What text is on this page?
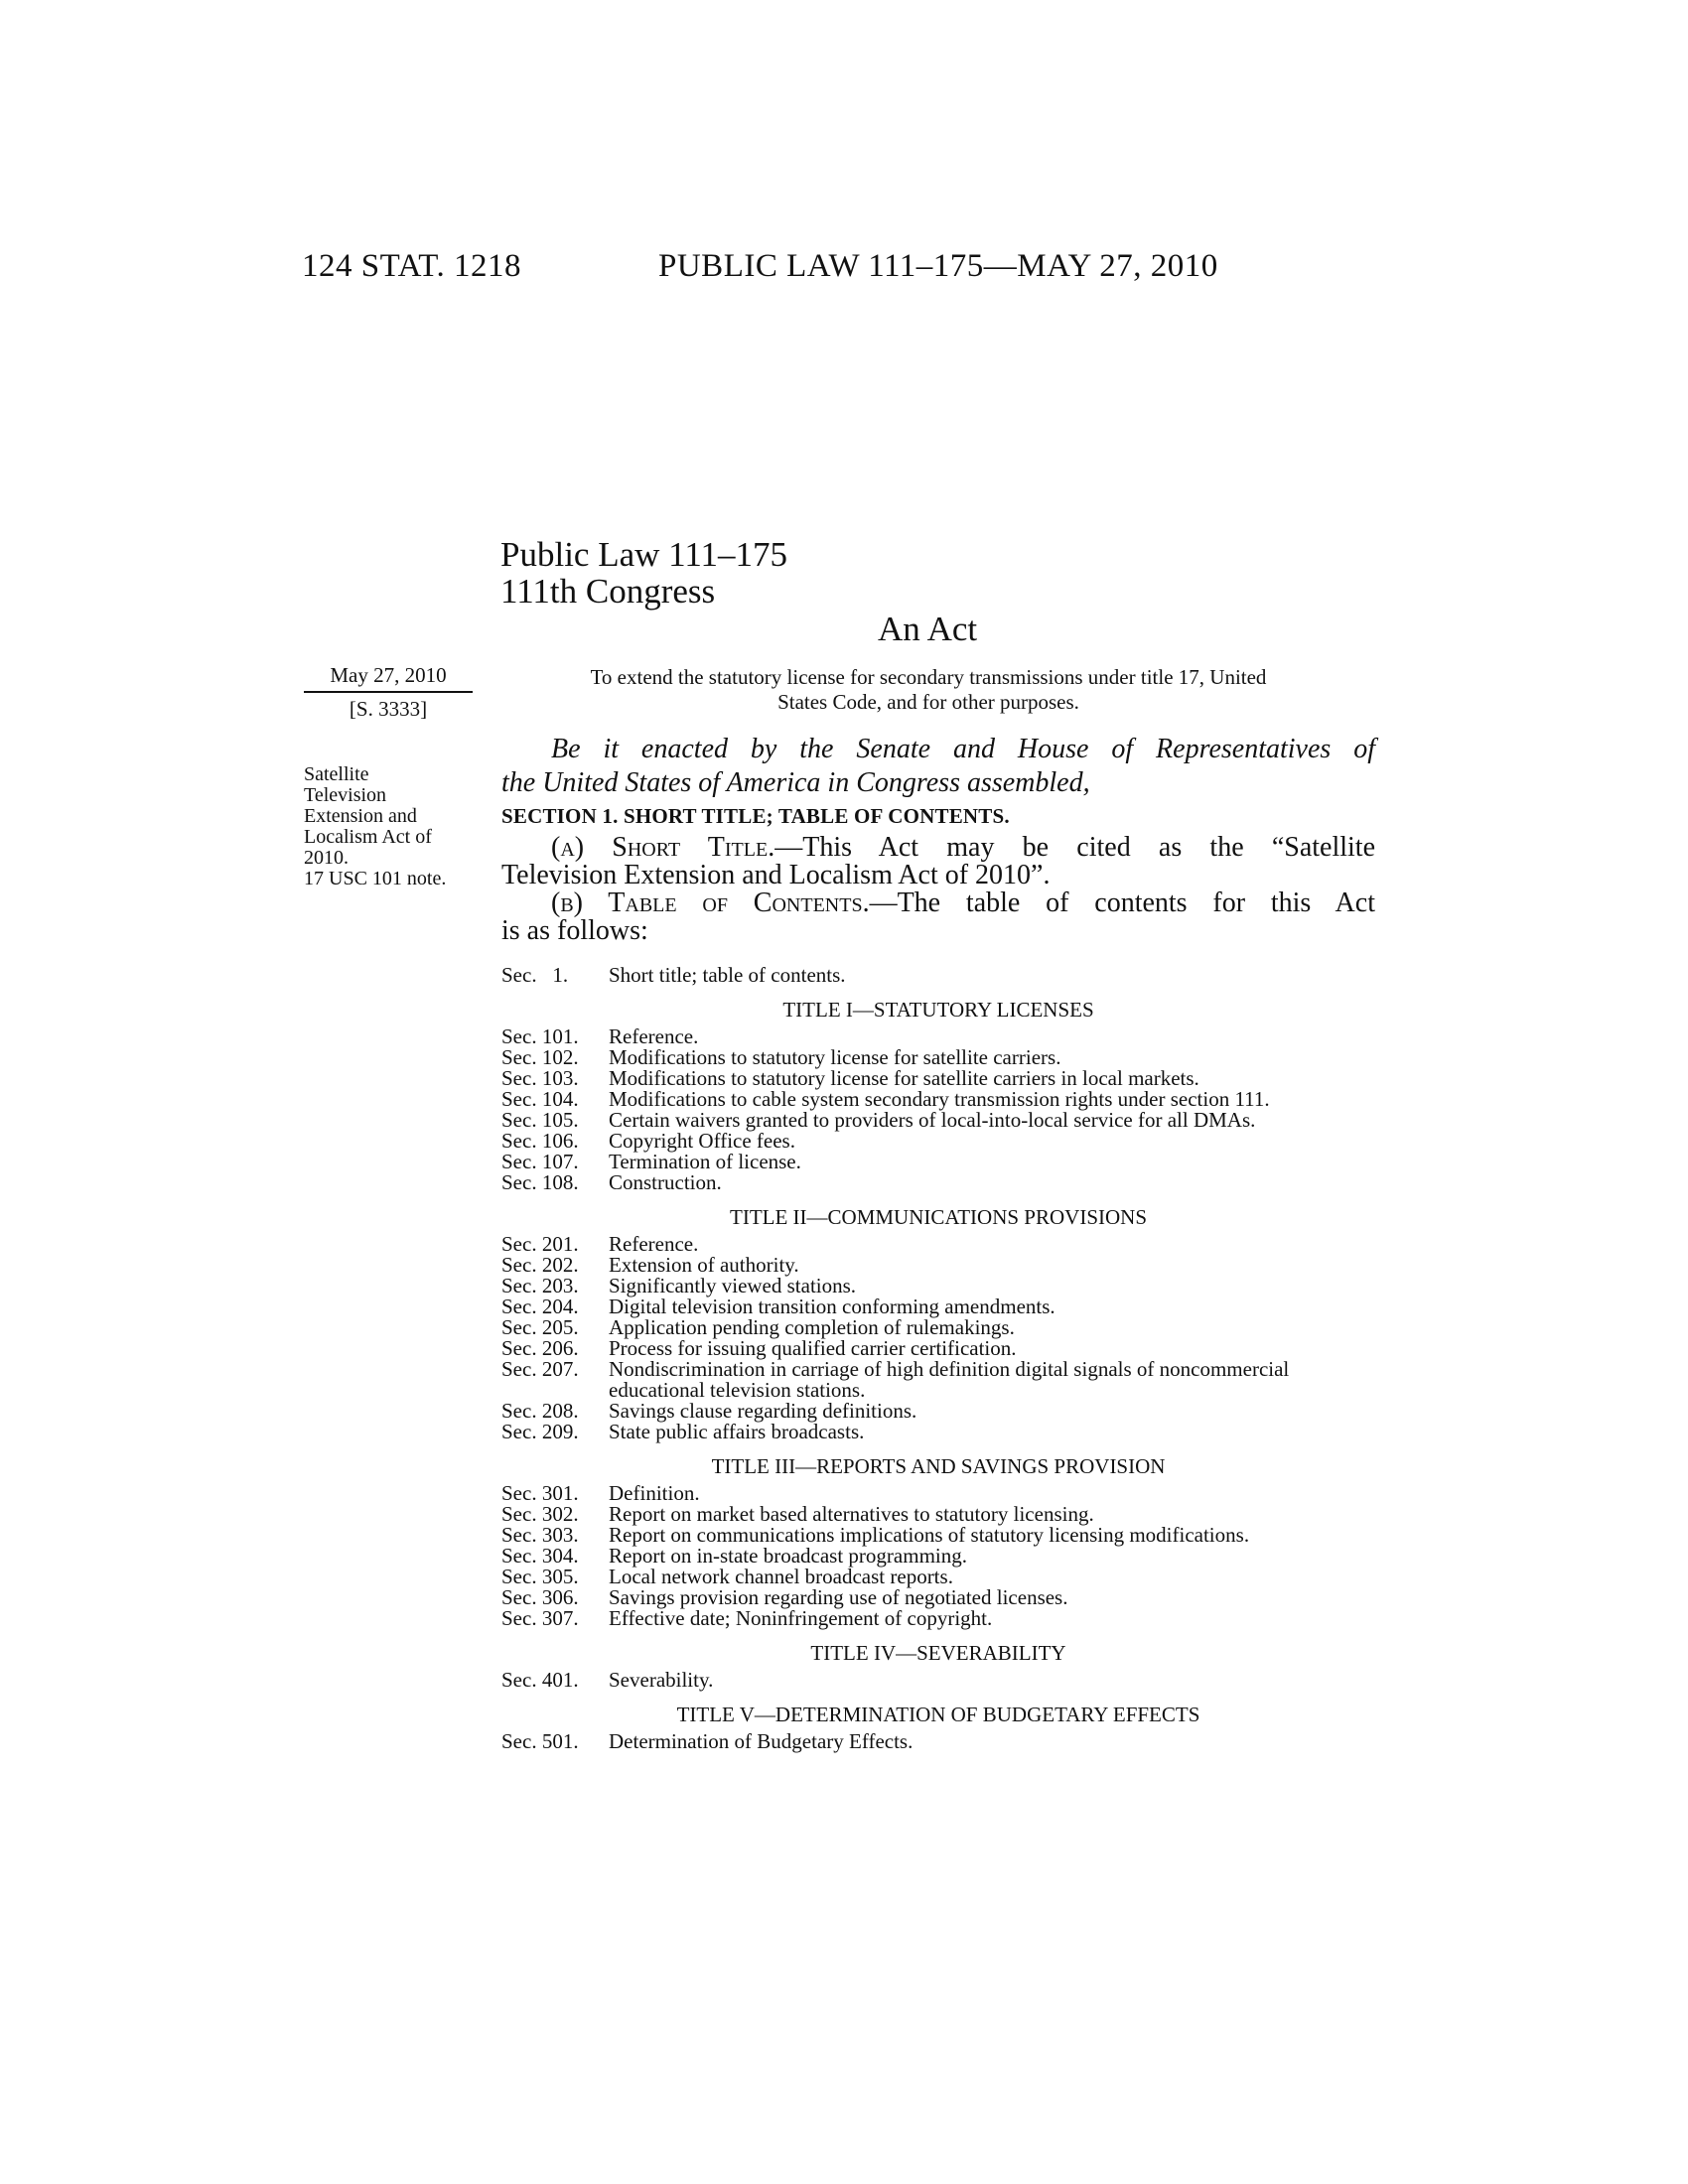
124 STAT. 1218	PUBLIC LAW 111–175—MAY 27, 2010
Public Law 111–175
111th Congress
An Act
May 27, 2010
[S. 3333]
To extend the statutory license for secondary transmissions under title 17, United
States Code, and for other purposes.
Satellite
Television
Extension and
Localism Act of
2010.
17 USC 101 note.
Be it enacted by the Senate and House of Representatives of
the United States of America in Congress assembled,
SECTION 1. SHORT TITLE; TABLE OF CONTENTS.
(a) Short Title.—This Act may be cited as the “Satellite
Television Extension and Localism Act of 2010”.
(b) Table of Contents.—The table of contents for this Act
is as follows:
Sec.   1.	Short title; table of contents.
TITLE I—STATUTORY LICENSES
Sec. 101.	Reference.
Sec. 102.	Modifications to statutory license for satellite carriers.
Sec. 103.	Modifications to statutory license for satellite carriers in local markets.
Sec. 104.	Modifications to cable system secondary transmission rights under section 111.
Sec. 105.	Certain waivers granted to providers of local-into-local service for all DMAs.
Sec. 106.	Copyright Office fees.
Sec. 107.	Termination of license.
Sec. 108.	Construction.
TITLE II—COMMUNICATIONS PROVISIONS
Sec. 201.	Reference.
Sec. 202.	Extension of authority.
Sec. 203.	Significantly viewed stations.
Sec. 204.	Digital television transition conforming amendments.
Sec. 205.	Application pending completion of rulemakings.
Sec. 206.	Process for issuing qualified carrier certification.
Sec. 207.	Nondiscrimination in carriage of high definition digital signals of noncommercial educational television stations.
Sec. 208.	Savings clause regarding definitions.
Sec. 209.	State public affairs broadcasts.
TITLE III—REPORTS AND SAVINGS PROVISION
Sec. 301.	Definition.
Sec. 302.	Report on market based alternatives to statutory licensing.
Sec. 303.	Report on communications implications of statutory licensing modifications.
Sec. 304.	Report on in-state broadcast programming.
Sec. 305.	Local network channel broadcast reports.
Sec. 306.	Savings provision regarding use of negotiated licenses.
Sec. 307.	Effective date; Noninfringement of copyright.
TITLE IV—SEVERABILITY
Sec. 401.	Severability.
TITLE V—DETERMINATION OF BUDGETARY EFFECTS
Sec. 501.	Determination of Budgetary Effects.
